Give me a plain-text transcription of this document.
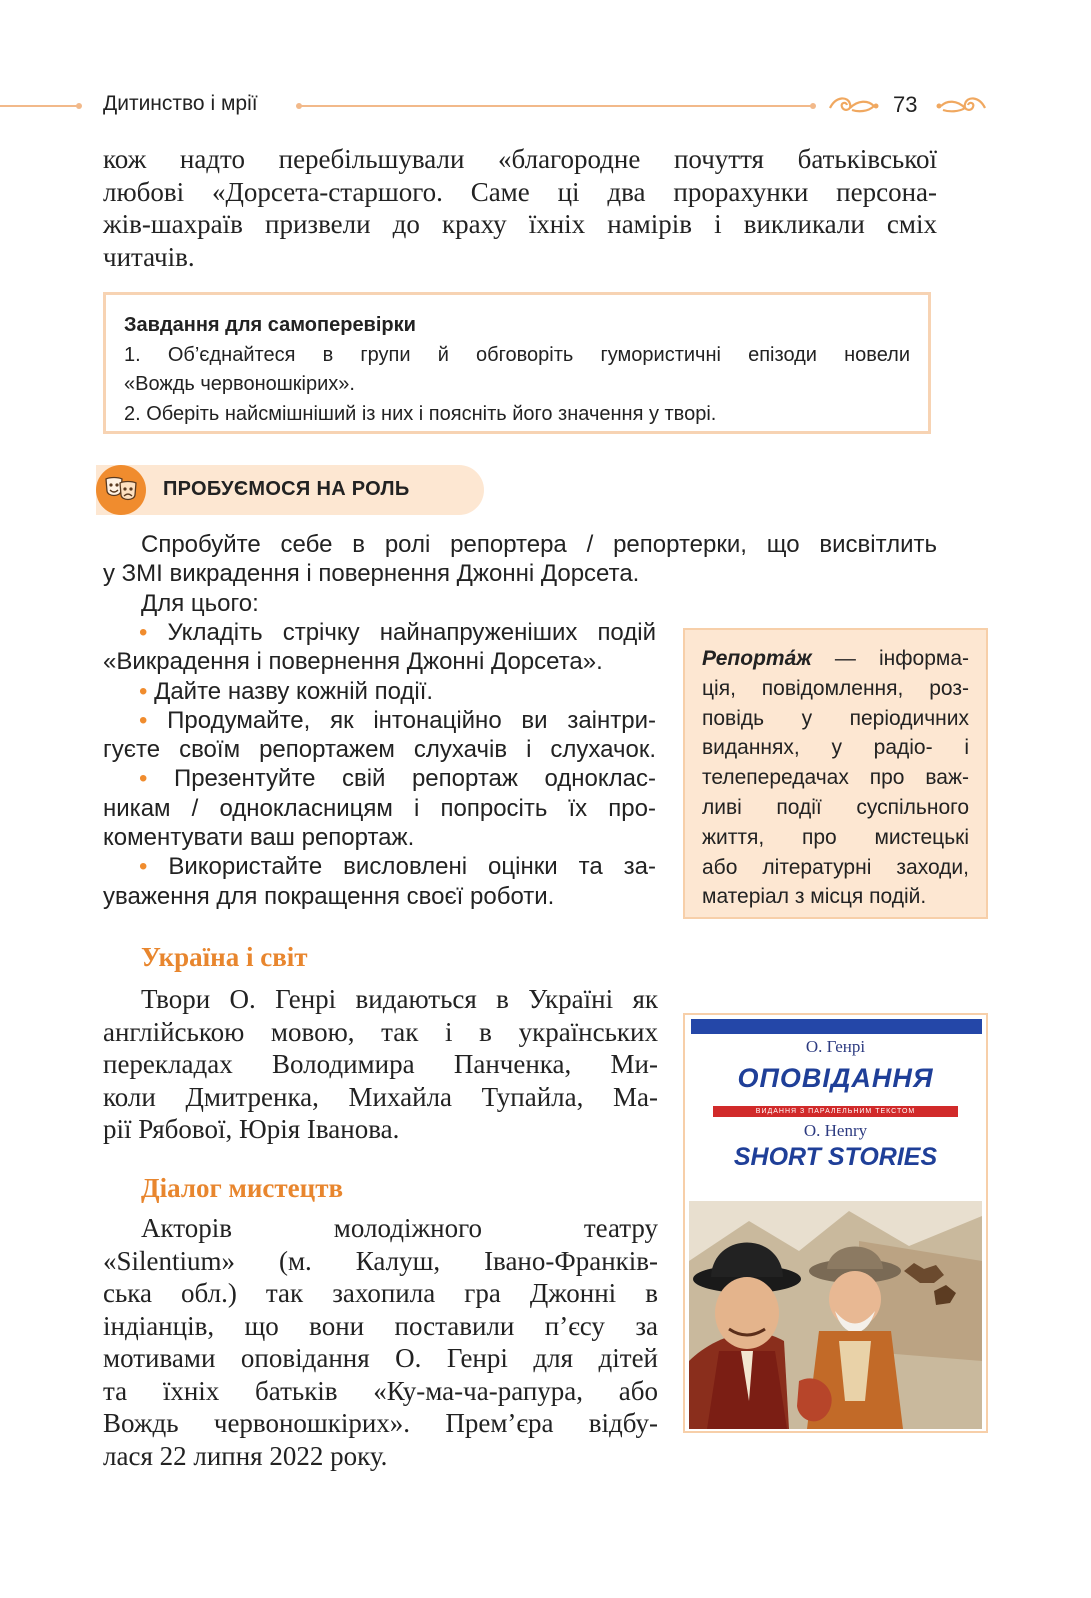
Дитинство і мрії	73
кож надто перебільшували «благородне почуття батьківської
любові «Дорсета-старшого. Саме ці два прорахунки персона-
жів-шахраїв призвели до краху їхніх намірів і викликали сміх
читачів.
Завдання для самоперевірки
1. Об’єднайтеся в групи й обговоріть гумористичні епізоди новели
«Вождь червоношкірих».
2. Оберіть найсмішніший із них і поясніть його значення у творі.
ПРОБУЄМОСЯ НА РОЛЬ
Спробуйте себе в ролі репортера / репортерки, що висвітлить
у ЗМІ викрадення і повернення Джонні Дорсета.
Для цього:
• Укладіть стрічку найнапруженіших подій
«Викрадення і повернення Джонні Дорсета».
• Дайте назву кожній події.
• Продумайте, як інтонаційно ви заінтри-
гуєте своїм репортажем слухачів і слухачок.
• Презентуйте свій репортаж одноклас-
никам / однокласницям і попросіть їх про-
коментувати ваш репортаж.
• Використайте висловлені оцінки та за-
уваження для покращення своєї роботи.
Репорта́ж — інформа-
ція, повідомлення, роз-
повідь у періодичних
виданнях, у радіо- і
телепередачах про важ-
ливі події суспільного
життя, про мистецькі
або літературні заходи,
матеріал з місця подій.
Україна і світ
Твори О. Генрі видаються в Україні як
англійською мовою, так і в українських
перекладах Володимира Панченка, Ми-
коли Дмитренка, Михайла Тупайла, Ма-
рії Рябової, Юрія Іванова.
Діалог мистецтв
Акторів молодіжного театру
«Silentium» (м. Калуш, Івано-Франків-
ська обл.) так захопила гра Джонні в
індіанців, що вони поставили п’єсу за
мотивами оповідання О. Генрі для дітей
та їхніх батьків «Ку-ма-ча-рапура, або
Вождь червоношкірих». Прем’єра відбу-
лася 22 липня 2022 року.
О. Генрі
ОПОВІДАННЯ
ВИДАННЯ З ПАРАЛЕЛЬНИМ ТЕКСТОМ
O. Henry
SHORT STORIES
